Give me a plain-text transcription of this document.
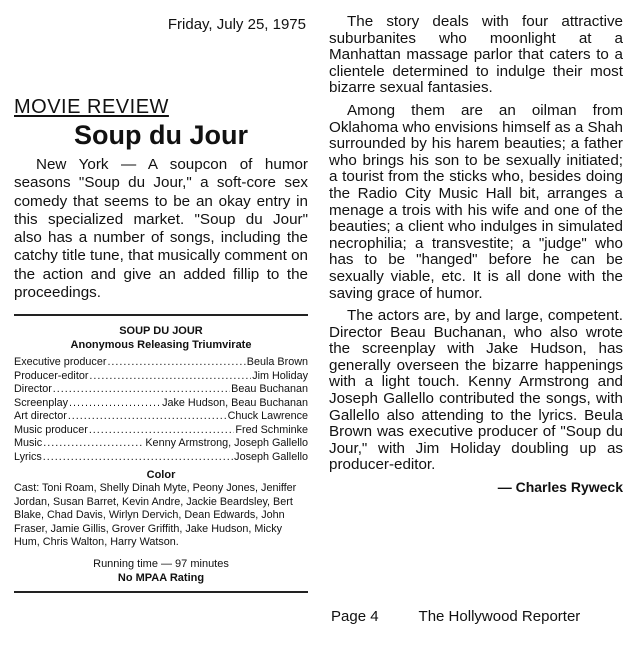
Friday, July 25, 1975
MOVIE REVIEW
Soup du Jour

New York — A soupcon of humor seasons "Soup du Jour," a soft-core sex comedy that seems to be an okay entry in this specialized market. "Soup du Jour" also has a number of songs, including the catchy title tune, that musically comment on the action and give an added fillip to the proceedings.

SOUP DU JOUR
Anonymous Releasing Triumvirate
Executive producer .....	Beula Brown
Producer-editor .....	Jim Holiday
Director .....	Beau Buchanan
Screenplay .....	Jake Hudson, Beau Buchanan
Art director .....	Chuck Lawrence
Music producer .....	Fred Schminke
Music .....	Kenny Armstrong, Joseph Gallello
Lyrics .....	Joseph Gallello
Color

Cast: Toni Roam, Shelly Dinah Myte, Peony Jones, Jeniffer Jordan, Susan Barret, Kevin Andre, Jackie Beardsley, Bert Blake, Chad Davis, Wirlyn Dervich, Dean Edwards, John Fraser, Jamie Gillis, Grover Griffith, Jake Hudson, Micky Hum, Chris Walton, Harry Watson.

Running time — 97 minutes
No MPAA Rating

The story deals with four attractive suburbanites who moonlight at a Manhattan massage parlor that caters to a clientele determined to indulge their most bizarre sexual fantasies.

Among them are an oilman from Oklahoma who envisions himself as a Shah surrounded by his harem beauties; a father who brings his son to be sexually initiated; a tourist from the sticks who, besides doing the Radio City Music Hall bit, arranges a menage a trois with his wife and one of the beauties; a client who indulges in simulated necrophilia; a transvestite; a "judge" who has to be "hanged" before he can be sexually viable, etc. It is all done with the saving grace of humor.

The actors are, by and large, competent. Director Beau Buchanan, who also wrote the screenplay with Jake Hudson, has generally overseen the bizarre happenings with a light touch. Kenny Armstrong and Joseph Gallello contributed the songs, with Gallello also attending to the lyrics. Beula Brown was executive producer of "Soup du Jour," with Jim Holiday doubling up as producer-editor.

— Charles Ryweck
Page 4	The Hollywood Reporter
